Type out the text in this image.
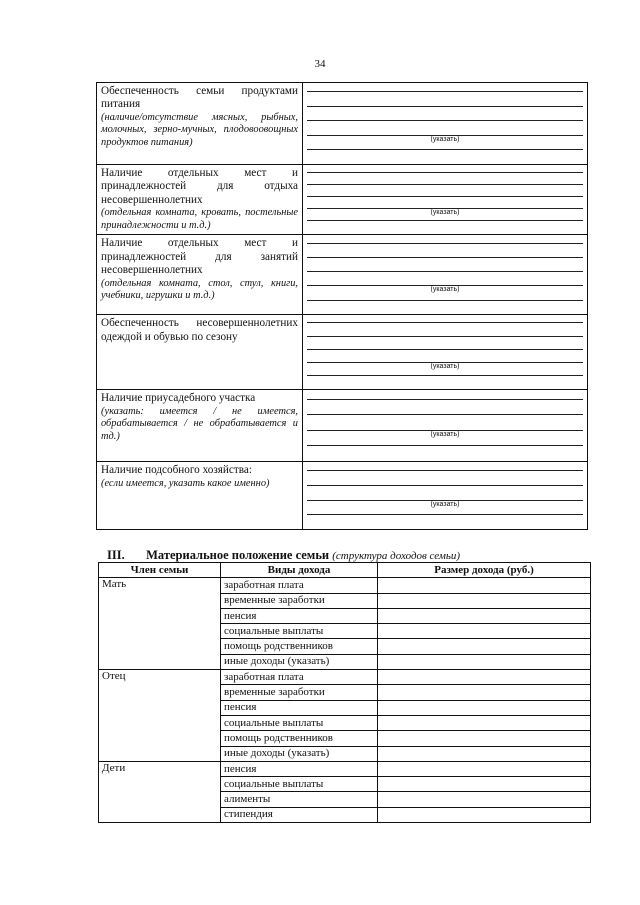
34
Обеспеченность семьи продуктами питания
(наличие/отсутствие мясных, рыбных, молочных, зерно-мучных, плодовоовощных продуктов питания)	(указать)

Наличие отдельных мест и принадлежностей для отдыха несовершеннолетних
(отдельная комната, кровать, постельные принадлежности и т.д.)	(указать)

Наличие отдельных мест и принадлежностей для занятий несовершеннолетних
(отдельная комната, стол, стул, книги, учебники, игрушки и т.д.)	(указать)

Обеспеченность несовершеннолетних одеждой и обувью по сезону	(указать)

Наличие приусадебного участка
(указать: имеется / не имеется, обрабатывается / не обрабатывается и тд.)	(указать)

Наличие подсобного хозяйства:
(если имеется, указать какое именно)	(указать)
III. Материальное положение семьи (структура доходов семьи)
Член семьи	Виды дохода	Размер дохода (руб.)
Мать	заработная плата	
	временные заработки	
	пенсия	
	социальные выплаты	
	помощь родственников	
	иные доходы (указать)	
Отец	заработная плата	
	временные заработки	
	пенсия	
	социальные выплаты	
	помощь родственников	
	иные доходы (указать)	
Дети	пенсия	
	социальные выплаты	
	алименты	
	стипендия	
